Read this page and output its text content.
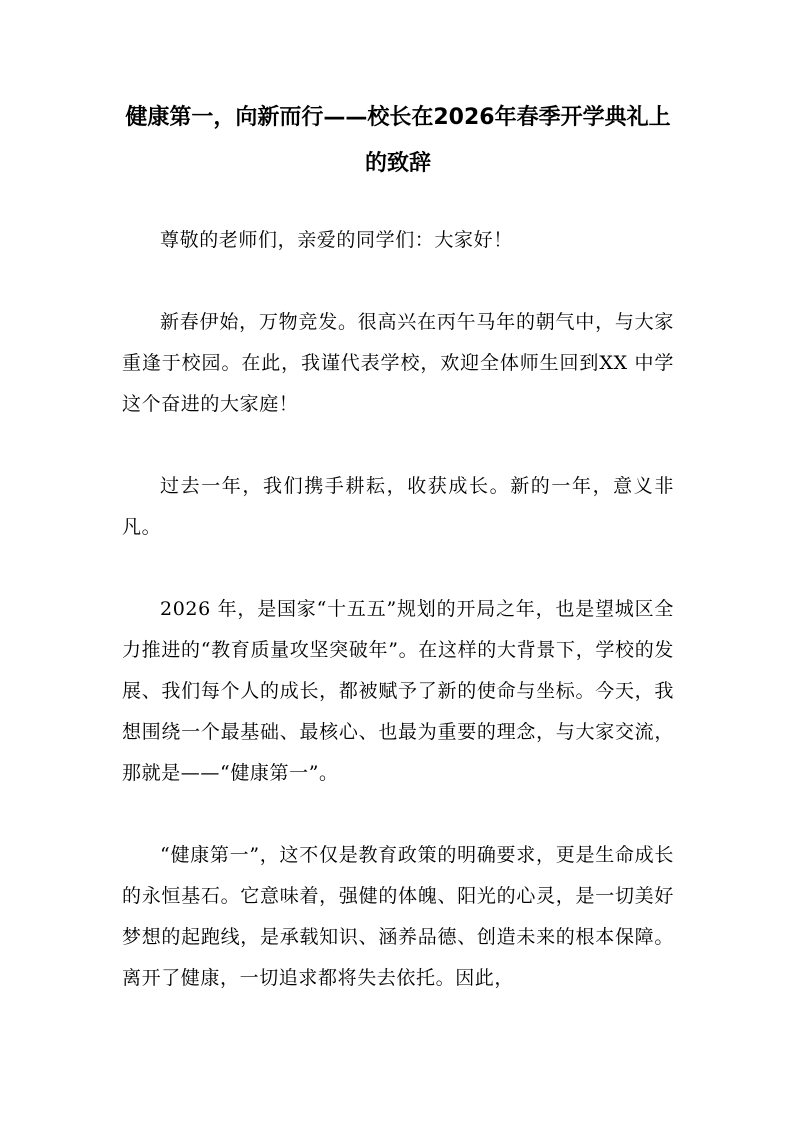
健康第一，向新而行——校长在2026年春季开学典礼上的致辞

尊敬的老师们，亲爱的同学们：大家好！

新春伊始，万物竞发。很高兴在丙午马年的朝气中，与大家重逢于校园。在此，我谨代表学校，欢迎全体师生回到XX 中学这个奋进的大家庭！

过去一年，我们携手耕耘，收获成长。新的一年，意义非凡。

2026 年，是国家“十五五”规划的开局之年，也是望城区全力推进的“教育质量攻坚突破年”。在这样的大背景下，学校的发展、我们每个人的成长，都被赋予了新的使命与坐标。今天，我想围绕一个最基础、最核心、也最为重要的理念，与大家交流，那就是——“健康第一”。

“健康第一”，这不仅是教育政策的明确要求，更是生命成长的永恒基石。它意味着，强健的体魄、阳光的心灵，是一切美好梦想的起跑线，是承载知识、涵养品德、创造未来的根本保障。离开了健康，一切追求都将失去依托。因此，
